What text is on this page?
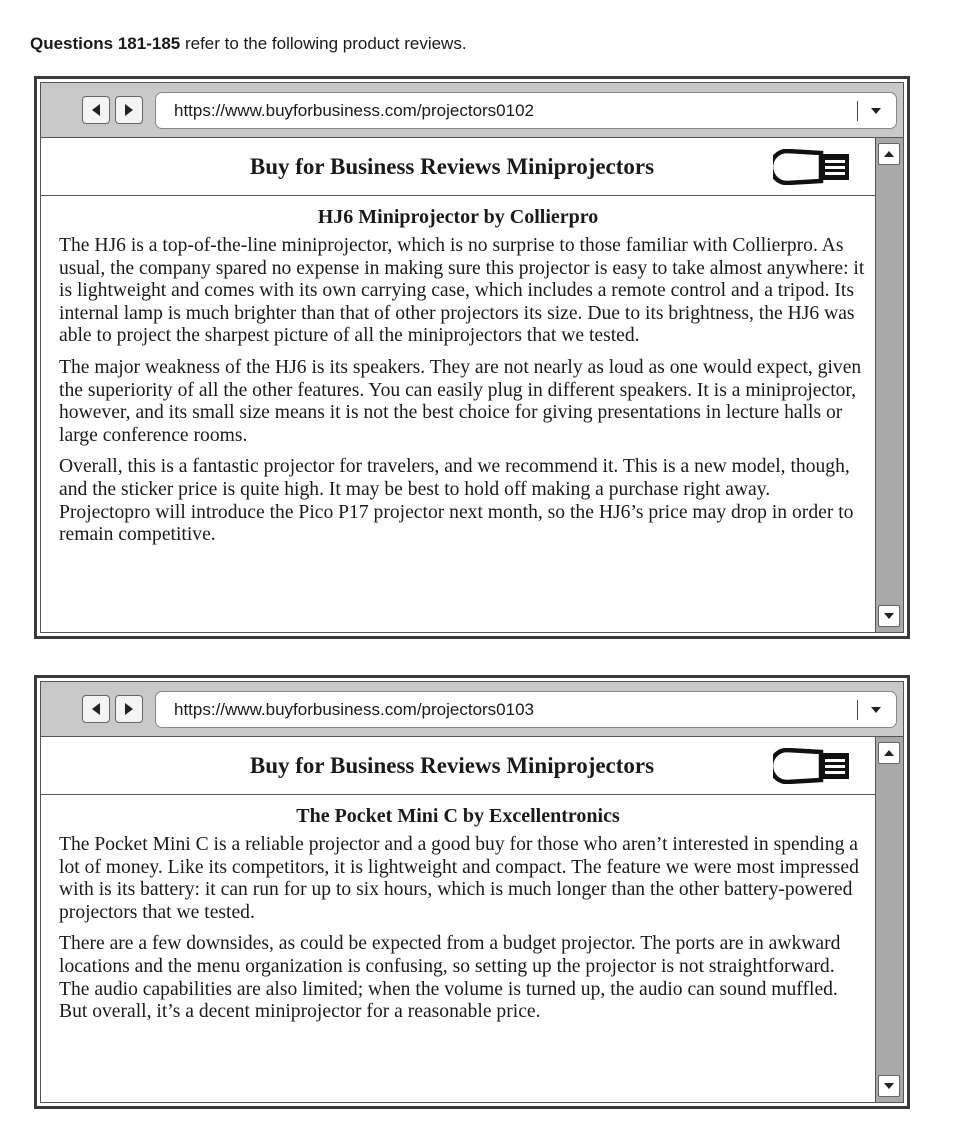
Questions 181-185 refer to the following product reviews.
https://www.buyforbusiness.com/projectors0102
Buy for Business Reviews Miniprojectors
HJ6 Miniprojector by Collierpro

The HJ6 is a top-of-the-line miniprojector, which is no surprise to those familiar with Collierpro. As usual, the company spared no expense in making sure this projector is easy to take almost anywhere: it is lightweight and comes with its own carrying case, which includes a remote control and a tripod. Its internal lamp is much brighter than that of other projectors its size. Due to its brightness, the HJ6 was able to project the sharpest picture of all the miniprojectors that we tested.

The major weakness of the HJ6 is its speakers. They are not nearly as loud as one would expect, given the superiority of all the other features. You can easily plug in different speakers. It is a miniprojector, however, and its small size means it is not the best choice for giving presentations in lecture halls or large conference rooms.

Overall, this is a fantastic projector for travelers, and we recommend it. This is a new model, though, and the sticker price is quite high. It may be best to hold off making a purchase right away. Projectopro will introduce the Pico P17 projector next month, so the HJ6’s price may drop in order to remain competitive.

https://www.buyforbusiness.com/projectors0103
Buy for Business Reviews Miniprojectors
The Pocket Mini C by Excellentronics

The Pocket Mini C is a reliable projector and a good buy for those who aren’t interested in spending a lot of money. Like its competitors, it is lightweight and compact. The feature we were most impressed with is its battery: it can run for up to six hours, which is much longer than the other battery-powered projectors that we tested.

There are a few downsides, as could be expected from a budget projector. The ports are in awkward locations and the menu organization is confusing, so setting up the projector is not straightforward. The audio capabilities are also limited; when the volume is turned up, the audio can sound muffled. But overall, it’s a decent miniprojector for a reasonable price.
